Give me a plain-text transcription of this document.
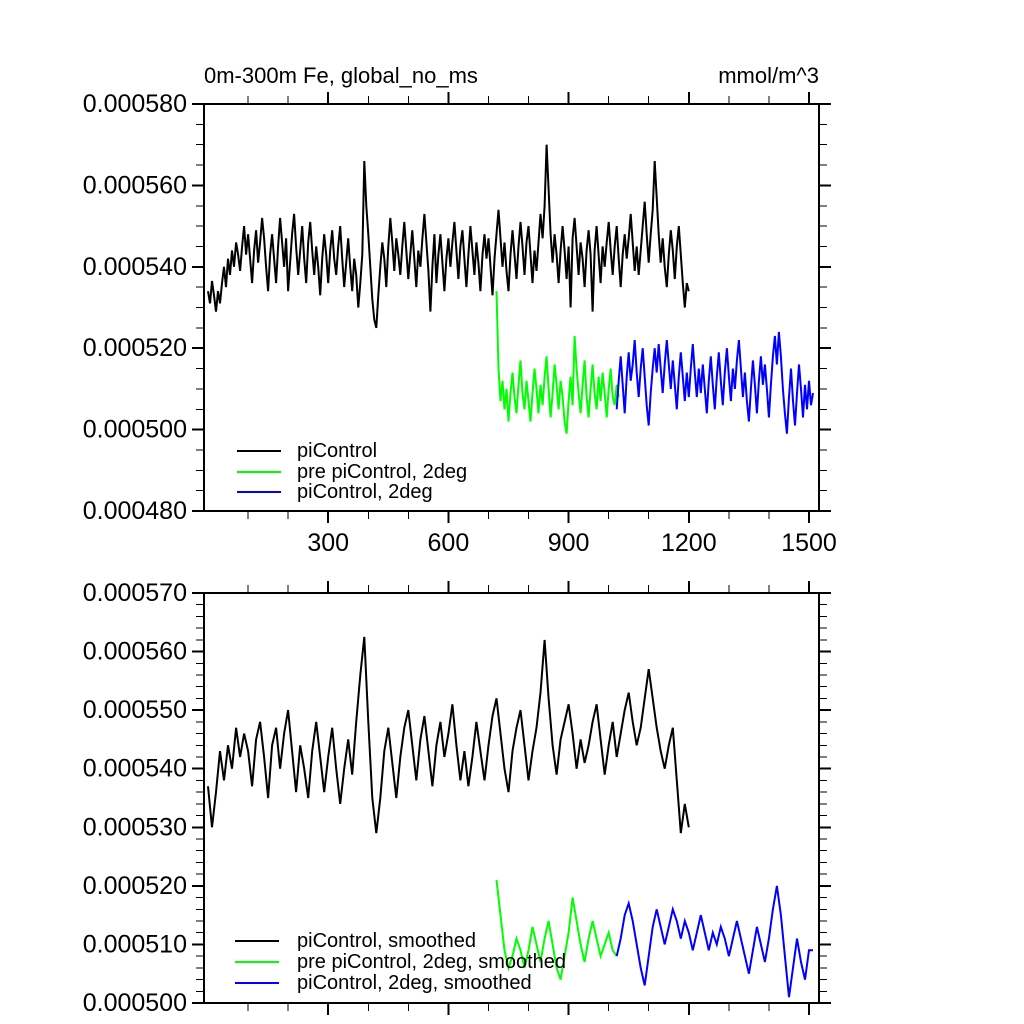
0.000500
0.000510
0.000520
0.000530
0.000540
0.000550
0.000560
0.000570
0.000480
0.000500
0.000520
0.000540
0.000560
0.000580
300	600	900	1200	1500
0m-300m Fe, global_no_ms	mmol/m^3
piControl
pre piControl, 2deg
piControl, 2deg
piControl, smoothed
pre piControl, 2deg, smoothed
piControl, 2deg, smoothed
